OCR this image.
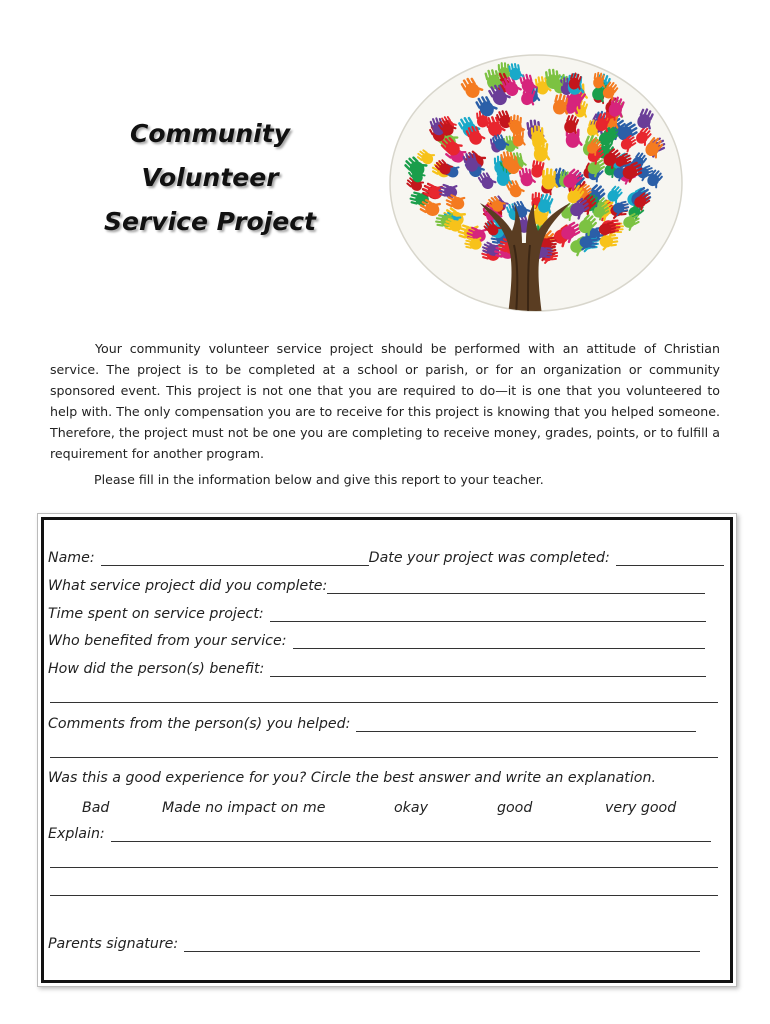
Community
Volunteer
Service Project

Your community volunteer service project should be performed with an attitude of Christian service. The project is to be completed at a school or parish, or for an organization or community sponsored event. This project is not one that you are required to do—it is one that you volunteered to help with. The only compensation you are to receive for this project is knowing that you helped someone. Therefore, the project must not be one you are completing to receive money, grades, points, or to fulfill a requirement for another program.

Please fill in the information below and give this report to your teacher.
Name:	Date your project was completed:
What service project did you complete:
Time spent on service project:
Who benefited from your service:
How did the person(s) benefit:
Comments from the person(s) you helped:
Was this a good experience for you? Circle the best answer and write an explanation.
Bad	Made no impact on me	okay	good	very good
Explain:
Parents signature:
